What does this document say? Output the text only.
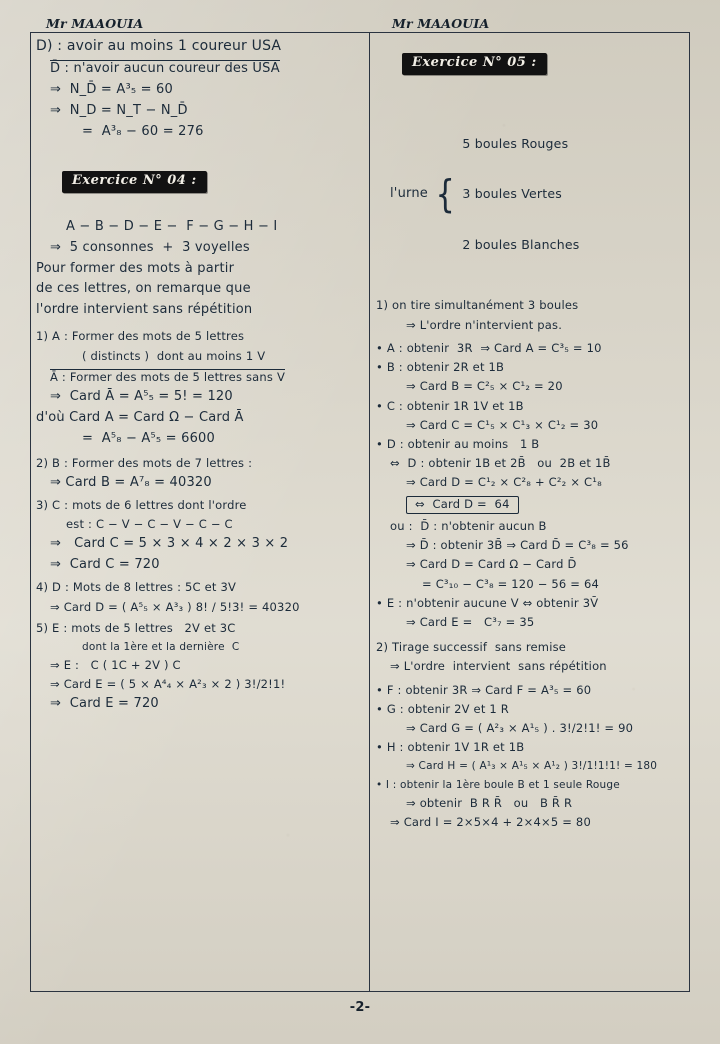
Mr MAAOUIA	Mr MAAOUIA
D) : avoir au moins 1 coureur USA
D̄ : n'avoir aucun coureur des USA
⇒  N_D̄ = A³₅ = 60
⇒  N_D = N_T − N_D̄
=  A³₈ − 60 = 276

Exercice N° 04 :

A − B − D − E −  F − G − H − I
⇒  5 consonnes  +  3 voyelles
Pour former des mots à partir
de ces lettres, on remarque que
l'ordre intervient sans répétition
1) A : Former des mots de 5 lettres
( distincts )  dont au moins 1 V
Ā : Former des mots de 5 lettres sans V
⇒  Card Ā = A⁵₅ = 5! = 120
d'où Card A = Card Ω − Card Ā
=  A⁵₈ − A⁵₅ = 6600
2) B : Former des mots de 7 lettres :
⇒ Card B = A⁷₈ = 40320
3) C : mots de 6 lettres dont l'ordre
est : C − V − C − V − C − C
⇒   Card C = 5 × 3 × 4 × 2 × 3 × 2
⇒  Card C = 720
4) D : Mots de 8 lettres : 5C et 3V
⇒ Card D = ( A⁵₅ × A³₃ ) 8! / 5!3! = 40320
5) E : mots de 5 lettres   2V et 3C
dont la 1ère et la dernière  C
⇒ E :   C ( 1C + 2V ) C
⇒ Card E = ( 5 × A⁴₄ × A²₃ × 2 ) 3!/2!1!
⇒  Card E = 720

Exercice N° 05 :

l'urne {

5 boules Rouges

3 boules Vertes

2 boules Blanches

1) on tire simultanément 3 boules
⇒ L'ordre n'intervient pas.
• A : obtenir  3R  ⇒ Card A = C³₅ = 10
• B : obtenir 2R et 1B
⇒ Card B = C²₅ × C¹₂ = 20
• C : obtenir 1R 1V et 1B
⇒ Card C = C¹₅ × C¹₃ × C¹₂ = 30
• D : obtenir au moins   1 B
⇔  D : obtenir 1B et 2B̄   ou  2B et 1B̄
⇒ Card D = C¹₂ × C²₈ + C²₂ × C¹₈
⇔  Card D =  64
ou :  D̄ : n'obtenir aucun B
⇒ D̄ : obtenir 3B̄ ⇒ Card D̄ = C³₈ = 56
⇒ Card D = Card Ω − Card D̄
= C³₁₀ − C³₈ = 120 − 56 = 64
• E : n'obtenir aucune V ⇔ obtenir 3V̄
⇒ Card E =   C³₇ = 35
2) Tirage successif  sans remise
⇒ L'ordre  intervient  sans répétition
• F : obtenir 3R ⇒ Card F = A³₅ = 60
• G : obtenir 2V et 1 R
⇒ Card G = ( A²₃ × A¹₅ ) . 3!/2!1! = 90
• H : obtenir 1V 1R et 1B
⇒ Card H = ( A¹₃ × A¹₅ × A¹₂ ) 3!/1!1!1! = 180
• I : obtenir la 1ère boule B et 1 seule Rouge
⇒ obtenir  B R R̄   ou   B R̄ R
⇒ Card I = 2×5×4 + 2×4×5 = 80
-2-
